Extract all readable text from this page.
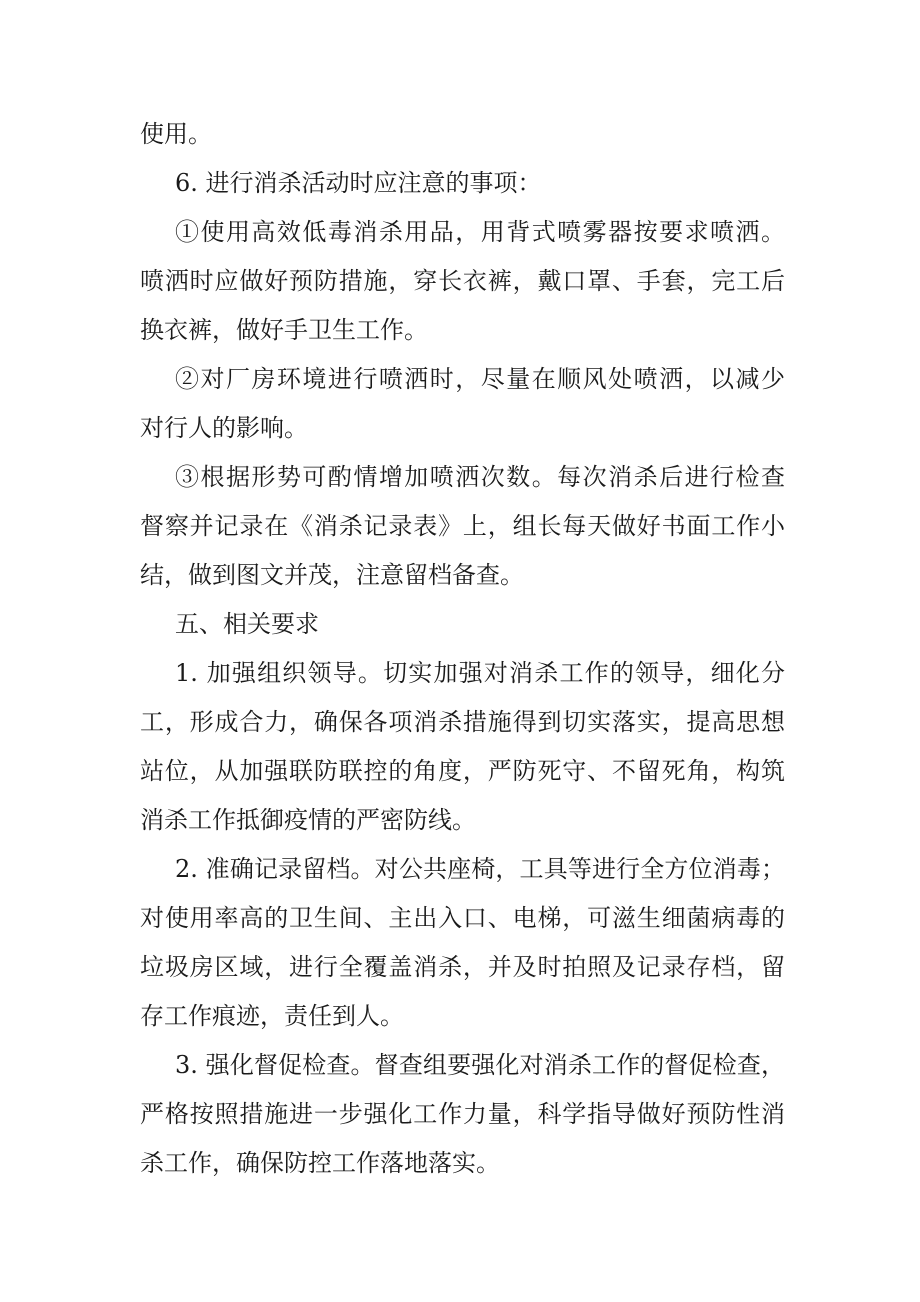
使用。
6. 进行消杀活动时应注意的事项：
①使用高效低毒消杀用品，用背式喷雾器按要求喷洒。
喷洒时应做好预防措施，穿长衣裤，戴口罩、手套，完工后
换衣裤，做好手卫生工作。
②对厂房环境进行喷洒时，尽量在顺风处喷洒，以减少
对行人的影响。
③根据形势可酌情增加喷洒次数。每次消杀后进行检查
督察并记录在《消杀记录表》上，组长每天做好书面工作小
结，做到图文并茂，注意留档备查。
五、相关要求
1. 加强组织领导。切实加强对消杀工作的领导，细化分
工，形成合力，确保各项消杀措施得到切实落实，提高思想
站位，从加强联防联控的角度，严防死守、不留死角，构筑
消杀工作抵御疫情的严密防线。
2. 准确记录留档。对公共座椅，工具等进行全方位消毒；
对使用率高的卫生间、主出入口、电梯，可滋生细菌病毒的
垃圾房区域，进行全覆盖消杀，并及时拍照及记录存档，留
存工作痕迹，责任到人。
3. 强化督促检查。督查组要强化对消杀工作的督促检查，
严格按照措施进一步强化工作力量，科学指导做好预防性消
杀工作，确保防控工作落地落实。
